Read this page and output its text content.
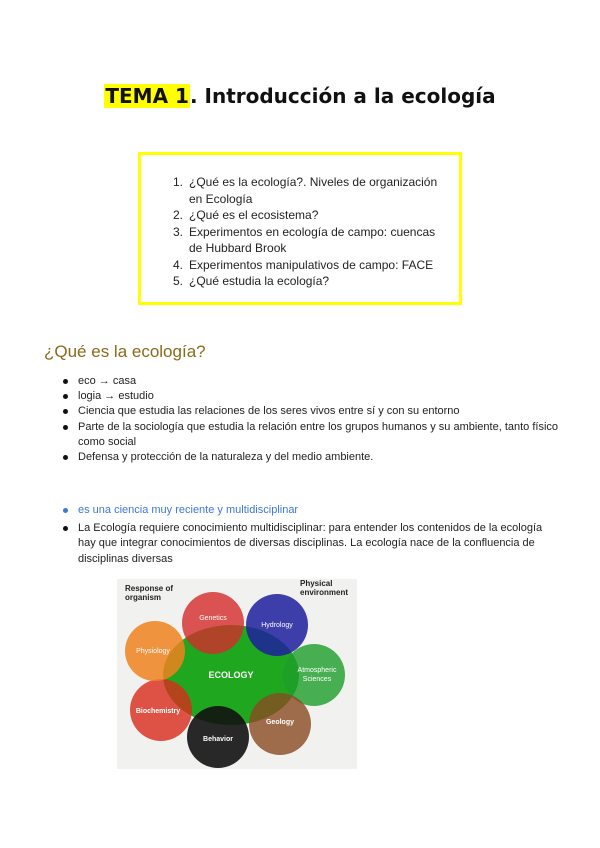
TEMA 1. Introducción a la ecología
1. ¿Qué es la ecología?. Niveles de organización en Ecología
2. ¿Qué es el ecosistema?
3. Experimentos en ecología de campo: cuencas de Hubbard Brook
4. Experimentos manipulativos de campo: FACE
5. ¿Qué estudia la ecología?
¿Qué es la ecología?
eco → casa
logia → estudio
Ciencia que estudia las relaciones de los seres vivos entre sí y con su entorno
Parte de la sociología que estudia la relación entre los grupos humanos y su ambiente, tanto físico como social
Defensa y protección de la naturaleza y del medio ambiente.
es una ciencia muy reciente y multidisciplinar
La Ecología requiere conocimiento multidisciplinar: para entender los contenidos de la ecología hay que integrar conocimientos de diversas disciplinas. La ecología nace de la confluencia de disciplinas diversas
Response of
organism
Physical
environment
ECOLOGY
Genetics
Hydrology
Atmospheric
Sciences
Geology
Behavior
Biochemistry
Physiology
